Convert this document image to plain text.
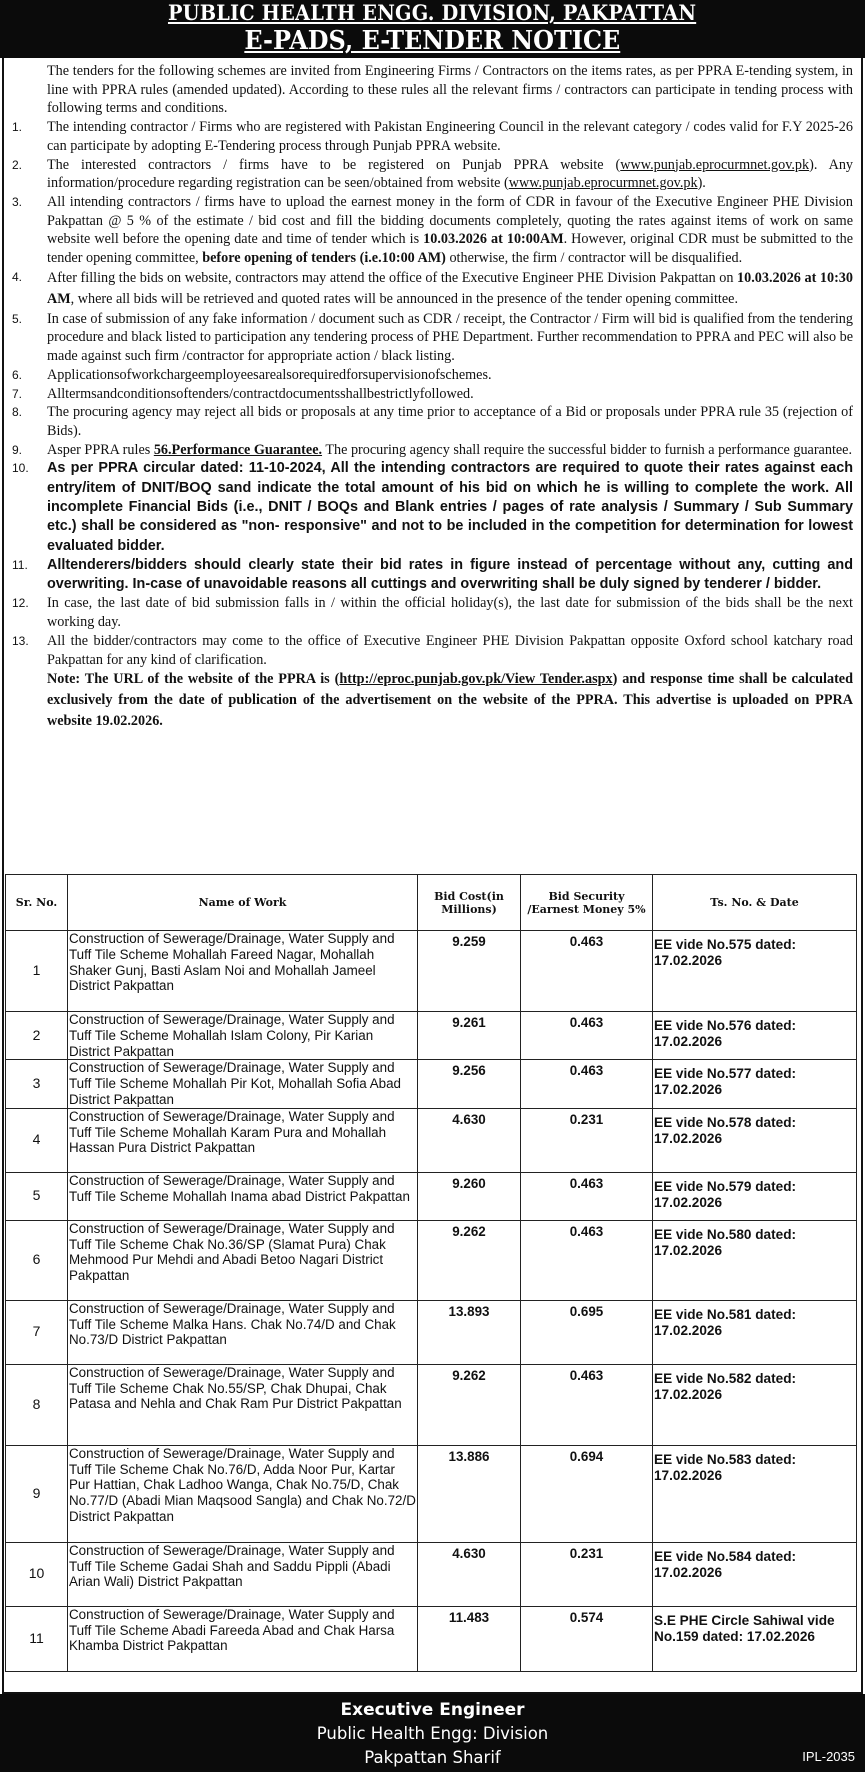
PUBLIC HEALTH ENGG. DIVISION, PAKPATTAN
E-PADS, E-TENDER NOTICE

The tenders for the following schemes are invited from Engineering Firms / Contractors on the items rates, as per PPRA E-tending system, in line with PPRA rules (amended updated). According to these rules all the relevant firms / contractors can participate in tending process with following terms and conditions.

1.	The intending contractor / Firms who are registered with Pakistan Engineering Council in the relevant category / codes valid for F.Y 2025-26 can participate by adopting E-Tendering process through Punjab PPRA website.
2.	The interested contractors / firms have to be registered on Punjab PPRA website (www.punjab.eprocurmnet.gov.pk). Any information/procedure regarding registration can be seen/obtained from website (www.punjab.eprocurmnet.gov.pk).
3.	All intending contractors / firms have to upload the earnest money in the form of CDR in favour of the Executive Engineer PHE Division Pakpattan @ 5 % of the estimate / bid cost and fill the bidding documents completely, quoting the rates against items of work on same website well before the opening date and time of tender which is 10.03.2026 at 10:00AM. However, original CDR must be submitted to the tender opening committee, before opening of tenders (i.e.10:00 AM) otherwise, the firm / contractor will be disqualified.
4.	After filling the bids on website, contractors may attend the office of the Executive Engineer PHE Division Pakpattan on 10.03.2026 at 10:30 AM, where all bids will be retrieved and quoted rates will be announced in the presence of the tender opening committee.
5.	In case of submission of any fake information / document such as CDR / receipt, the Contractor / Firm will bid is qualified from the tendering procedure and black listed to participation any tendering process of PHE Department. Further recommendation to PPRA and PEC will also be made against such firm /contractor for appropriate action / black listing.
6.	Applicationsofworkchargeemployeesarealsorequiredforsupervisionofschemes.
7.	Alltermsandconditionsoftenders/contractdocumentsshallbestrictlyfollowed.
8.	The procuring agency may reject all bids or proposals at any time prior to acceptance of a Bid or proposals under PPRA rule 35 (rejection of Bids).
9.	Asper PPRA rules 56.Performance Guarantee. The procuring agency shall require the successful bidder to furnish a performance guarantee.
10.	As per PPRA circular dated: 11-10-2024, All the intending contractors are required to quote their rates against each entry/item of DNIT/BOQ sand indicate the total amount of his bid on which he is willing to complete the work. All incomplete Financial Bids (i.e., DNIT / BOQs and Blank entries / pages of rate analysis / Summary / Sub Summary etc.) shall be considered as "non- responsive" and not to be included in the competition for determination for lowest evaluated bidder.
11.	Alltenderers/bidders should clearly state their bid rates in figure instead of percentage without any, cutting and overwriting. In-case of unavoidable reasons all cuttings and overwriting shall be duly signed by tenderer / bidder.
12.	In case, the last date of bid submission falls in / within the official holiday(s), the last date for submission of the bids shall be the next working day.
13.	All the bidder/contractors may come to the office of Executive Engineer PHE Division Pakpattan opposite Oxford school katchary road Pakpattan for any kind of clarification.

Note: The URL of the website of the PPRA is (http://eproc.punjab.gov.pk/View Tender.aspx) and response time shall be calculated exclusively from the date of publication of the advertisement on the website of the PPRA. This advertise is uploaded on PPRA website 19.02.2026.

Sr. No.	Name of Work	Bid Cost(in Millions)	Bid Security /Earnest Money 5%	Ts. No. & Date
1	Construction of Sewerage/Drainage, Water Supply and Tuff Tile Scheme Mohallah Fareed Nagar, Mohallah Shaker Gunj, Basti Aslam Noi and Mohallah Jameel District Pakpattan	9.259	0.463	EE vide No.575 dated: 17.02.2026
2	Construction of Sewerage/Drainage, Water Supply and Tuff Tile Scheme Mohallah Islam Colony, Pir Karian District Pakpattan	9.261	0.463	EE vide No.576 dated: 17.02.2026
3	Construction of Sewerage/Drainage, Water Supply and Tuff Tile Scheme Mohallah Pir Kot, Mohallah Sofia Abad District Pakpattan	9.256	0.463	EE vide No.577 dated: 17.02.2026
4	Construction of Sewerage/Drainage, Water Supply and Tuff Tile Scheme Mohallah Karam Pura and Mohallah Hassan Pura District Pakpattan	4.630	0.231	EE vide No.578 dated: 17.02.2026
5	Construction of Sewerage/Drainage, Water Supply and Tuff Tile Scheme Mohallah Inama abad District Pakpattan	9.260	0.463	EE vide No.579 dated: 17.02.2026
6	Construction of Sewerage/Drainage, Water Supply and Tuff Tile Scheme Chak No.36/SP (Slamat Pura) Chak Mehmood Pur Mehdi and Abadi Betoo Nagari District Pakpattan	9.262	0.463	EE vide No.580 dated: 17.02.2026
7	Construction of Sewerage/Drainage, Water Supply and Tuff Tile Scheme Malka Hans. Chak No.74/D and Chak No.73/D District Pakpattan	13.893	0.695	EE vide No.581 dated: 17.02.2026
8	Construction of Sewerage/Drainage, Water Supply and Tuff Tile Scheme Chak No.55/SP, Chak Dhupai, Chak Patasa and Nehla and Chak Ram Pur District Pakpattan	9.262	0.463	EE vide No.582 dated: 17.02.2026
9	Construction of Sewerage/Drainage, Water Supply and Tuff Tile Scheme Chak No.76/D, Adda Noor Pur, Kartar Pur Hattian, Chak Ladhoo Wanga, Chak No.75/D, Chak No.77/D (Abadi Mian Maqsood Sangla) and Chak No.72/D District Pakpattan	13.886	0.694	EE vide No.583 dated: 17.02.2026
10	Construction of Sewerage/Drainage, Water Supply and Tuff Tile Scheme Gadai Shah and Saddu Pippli (Abadi Arian Wali) District Pakpattan	4.630	0.231	EE vide No.584 dated: 17.02.2026
11	Construction of Sewerage/Drainage, Water Supply and Tuff Tile Scheme Abadi Fareeda Abad and Chak Harsa Khamba District Pakpattan	11.483	0.574	S.E PHE Circle Sahiwal vide No.159 dated: 17.02.2026
Executive Engineer
Public Health Engg: Division
Pakpattan Sharif	IPL-2035
